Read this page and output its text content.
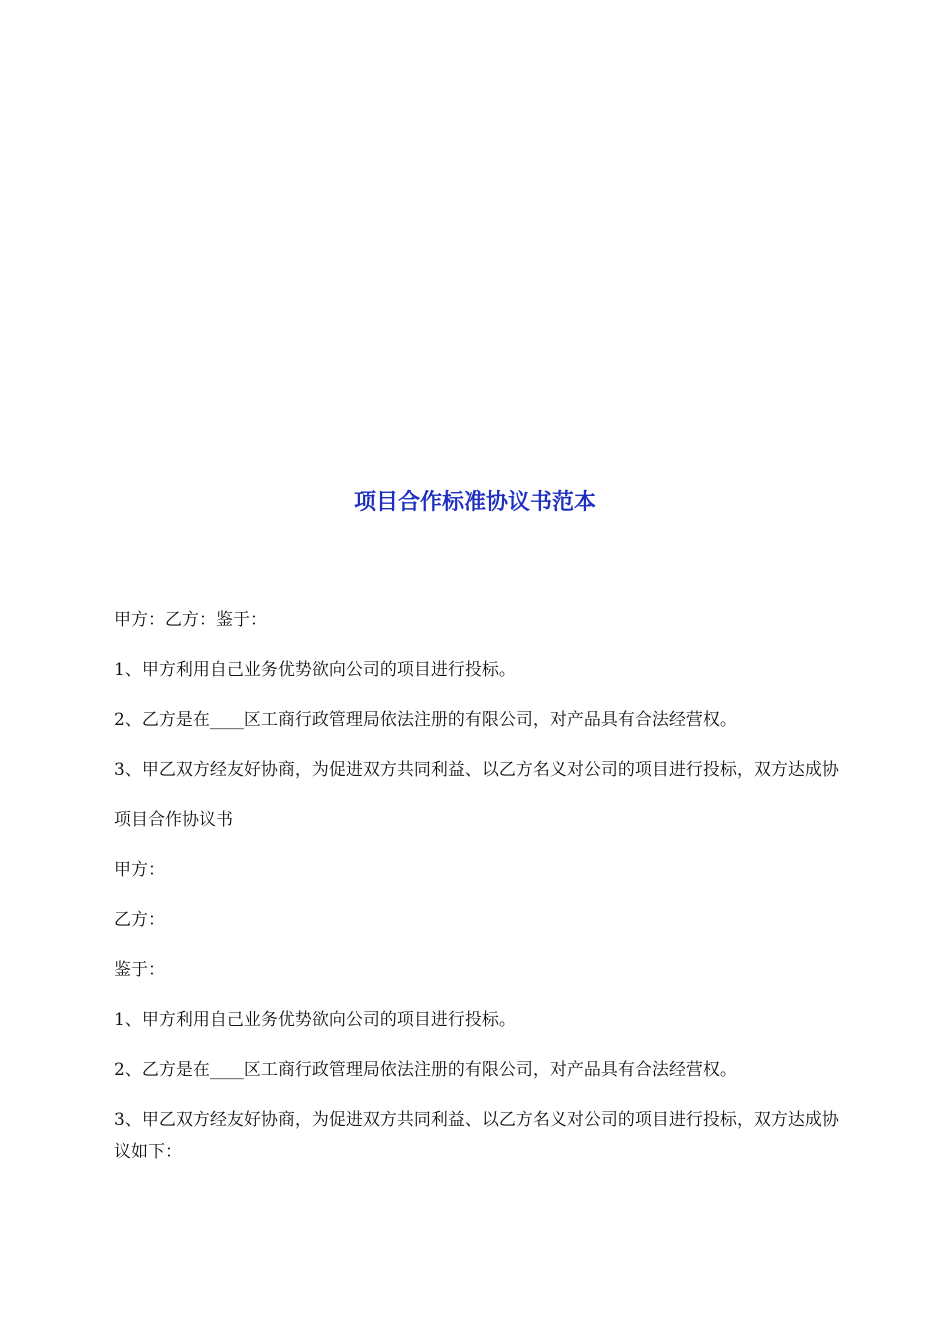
项目合作标准协议书范本

甲方：乙方：鉴于：

1、甲方利用自己业务优势欲向公司的项目进行投标。

2、乙方是在____区工商行政管理局依法注册的有限公司，对产品具有合法经营权。

3、甲乙双方经友好协商，为促进双方共同利益、以乙方名义对公司的项目进行投标，双方达成协

项目合作协议书

甲方：

乙方：

鉴于：

1、甲方利用自己业务优势欲向公司的项目进行投标。

2、乙方是在____区工商行政管理局依法注册的有限公司，对产品具有合法经营权。

3、甲乙双方经友好协商，为促进双方共同利益、以乙方名义对公司的项目进行投标，双方达成协议如下：
